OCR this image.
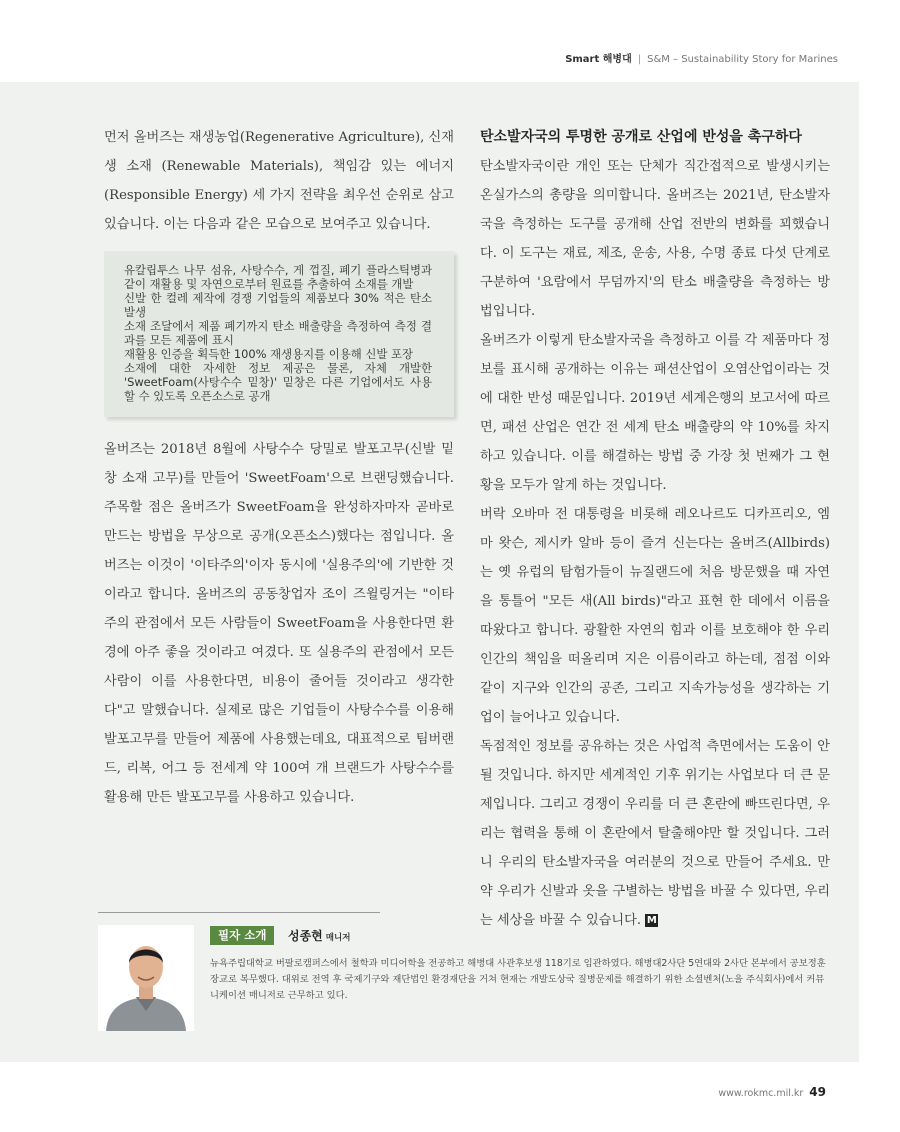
Smart 해병대 | S&M – Sustainability Story for Marines

먼저 올버즈는 재생농업(Regenerative Agriculture), 신재생 소재 (Renewable Materials), 책임감 있는 에너지(Responsible Energy) 세 가지 전략을 최우선 순위로 삼고 있습니다. 이는 다음과 같은 모습으로 보여주고 있습니다.

유칼립투스 나무 섬유, 사탕수수, 게 껍질, 폐기 플라스틱병과 같이 재활용 및 자연으로부터 원료를 추출하여 소재를 개발

신발 한 컬레 제작에 경쟁 기업들의 제품보다 30% 적은 탄소 발생

소재 조달에서 제품 폐기까지 탄소 배출량을 측정하여 측정 결과를 모든 제품에 표시

재활용 인증을 획득한 100% 재생용지를 이용해 신발 포장

소재에 대한 자세한 정보 제공은 물론, 자체 개발한 'SweetFoam(사탕수수 밑창)' 밑창은 다른 기업에서도 사용할 수 있도록 오픈소스로 공개

올버즈는 2018년 8월에 사탕수수 당밀로 발포고무(신발 밑창 소재 고무)를 만들어 'SweetFoam'으로 브랜딩했습니다. 주목할 점은 올버즈가 SweetFoam을 완성하자마자 곧바로 만드는 방법을 무상으로 공개(오픈소스)했다는 점입니다. 올버즈는 이것이 '이타주의'이자 동시에 '실용주의'에 기반한 것이라고 합니다. 올버즈의 공동창업자 조이 즈윌링거는 "이타주의 관점에서 모든 사람들이 SweetFoam을 사용한다면 환경에 아주 좋을 것이라고 여겼다. 또 실용주의 관점에서 모든 사람이 이를 사용한다면, 비용이 줄어들 것이라고 생각한다"고 말했습니다. 실제로 많은 기업들이 사탕수수를 이용해 발포고무를 만들어 제품에 사용했는데요, 대표적으로 팀버랜드, 리복, 어그 등 전세계 약 100여 개 브랜드가 사탕수수를 활용해 만든 발포고무를 사용하고 있습니다.

탄소발자국의 투명한 공개로 산업에 반성을 촉구하다

탄소발자국이란 개인 또는 단체가 직간접적으로 발생시키는 온실가스의 총량을 의미합니다. 올버즈는 2021년, 탄소발자국을 측정하는 도구를 공개해 산업 전반의 변화를 꾀했습니다. 이 도구는 재료, 제조, 운송, 사용, 수명 종료 다섯 단계로 구분하여 '요람에서 무덤까지'의 탄소 배출량을 측정하는 방법입니다.

올버즈가 이렇게 탄소발자국을 측정하고 이를 각 제품마다 정보를 표시해 공개하는 이유는 패션산업이 오염산업이라는 것에 대한 반성 때문입니다. 2019년 세계은행의 보고서에 따르면, 패션 산업은 연간 전 세계 탄소 배출량의 약 10%를 차지하고 있습니다. 이를 해결하는 방법 중 가장 첫 번째가 그 현황을 모두가 알게 하는 것입니다.

버락 오바마 전 대통령을 비롯해 레오나르도 디카프리오, 엠마 왓슨, 제시카 알바 등이 즐겨 신는다는 올버즈(Allbirds)는 옛 유럽의 탐험가들이 뉴질랜드에 처음 방문했을 때 자연을 통틀어 "모든 새(All birds)"라고 표현 한 데에서 이름을 따왔다고 합니다. 광활한 자연의 힘과 이를 보호해야 한 우리 인간의 책임을 떠올리며 지은 이름이라고 하는데, 점점 이와 같이 지구와 인간의 공존, 그리고 지속가능성을 생각하는 기업이 늘어나고 있습니다.

독점적인 정보를 공유하는 것은 사업적 측면에서는 도움이 안될 것입니다. 하지만 세계적인 기후 위기는 사업보다 더 큰 문제입니다. 그리고 경쟁이 우리를 더 큰 혼란에 빠뜨린다면, 우리는 협력을 통해 이 혼란에서 탈출해야만 할 것입니다. 그러니 우리의 탄소발자국을 여러분의 것으로 만들어 주세요. 만약 우리가 신발과 옷을 구별하는 방법을 바꿀 수 있다면, 우리는 세상을 바꿀 수 있습니다. M

필자 소개	성종현 매니저

뉴욕주립대학교 버팔로캠퍼스에서 철학과 미디어학을 전공하고 해병대 사관후보생 118기로 임관하였다. 해병대2사단 5연대와 2사단 본부에서 공보정훈장교로 복무했다. 대위로 전역 후 국제기구와 재단법인 환경재단을 거쳐 현재는 개발도상국 질병문제를 해결하기 위한 소셜벤처(노을 주식회사)에서 커뮤니케이션 매니저로 근무하고 있다.

www.rokmc.mil.kr 49
